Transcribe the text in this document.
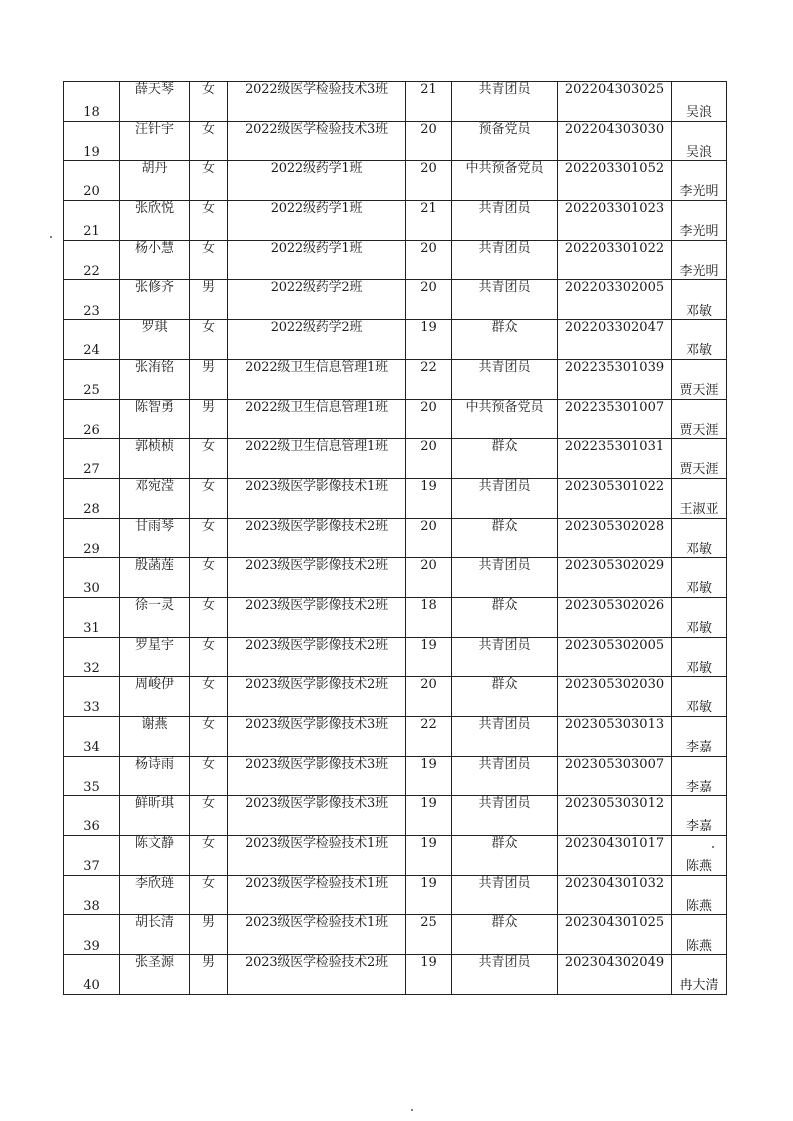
18	薛天琴	女	2022级医学检验技术3班	21	共青团员	202204303025	吴浪
19	汪针宇	女	2022级医学检验技术3班	20	预备党员	202204303030	吴浪
20	胡丹	女	2022级药学1班	20	中共预备党员	202203301052	李光明
21	张欣悦	女	2022级药学1班	21	共青团员	202203301023	李光明
22	杨小慧	女	2022级药学1班	20	共青团员	202203301022	李光明
23	张修齐	男	2022级药学2班	20	共青团员	202203302005	邓敏
24	罗琪	女	2022级药学2班	19	群众	202203302047	邓敏
25	张洧铭	男	2022级卫生信息管理1班	22	共青团员	202235301039	贾天涯
26	陈智勇	男	2022级卫生信息管理1班	20	中共预备党员	202235301007	贾天涯
27	郭桢桢	女	2022级卫生信息管理1班	20	群众	202235301031	贾天涯
28	邓宛滢	女	2023级医学影像技术1班	19	共青团员	202305301022	王淑亚
29	甘雨琴	女	2023级医学影像技术2班	20	群众	202305302028	邓敏
30	殷菡莲	女	2023级医学影像技术2班	20	共青团员	202305302029	邓敏
31	徐一灵	女	2023级医学影像技术2班	18	群众	202305302026	邓敏
32	罗星宇	女	2023级医学影像技术2班	19	共青团员	202305302005	邓敏
33	周峻伊	女	2023级医学影像技术2班	20	群众	202305302030	邓敏
34	谢燕	女	2023级医学影像技术3班	22	共青团员	202305303013	李嘉
35	杨诗雨	女	2023级医学影像技术3班	19	共青团员	202305303007	李嘉
36	鲜昕琪	女	2023级医学影像技术3班	19	共青团员	202305303012	李嘉
37	陈文静	女	2023级医学检验技术1班	19	群众	202304301017	陈燕
38	李欣琏	女	2023级医学检验技术1班	19	共青团员	202304301032	陈燕
39	胡长清	男	2023级医学检验技术1班	25	群众	202304301025	陈燕
40	张圣源	男	2023级医学检验技术2班	19	共青团员	202304302049	冉大清
